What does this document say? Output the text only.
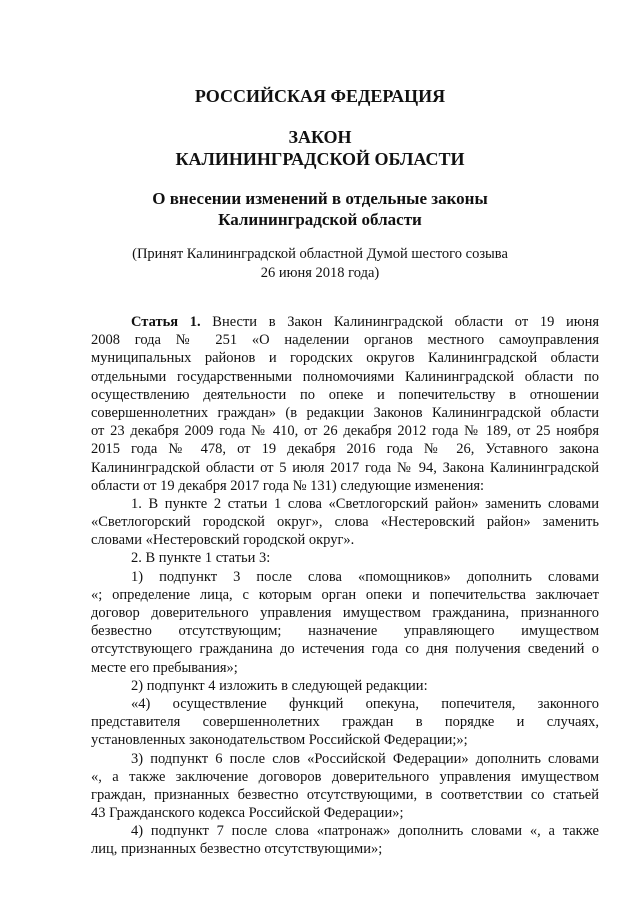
РОССИЙСКАЯ ФЕДЕРАЦИЯ
ЗАКОН
КАЛИНИНГРАДСКОЙ ОБЛАСТИ
О внесении изменений в отдельные законы
Калининградской области
(Принят Калининградской областной Думой шестого созыва
26 июня 2018 года)
Статья 1. Внести в Закон Калининградской области от 19 июня
2008 года № 251 «О наделении органов местного самоуправления
муниципальных районов и городских округов Калининградской области
отдельными государственными полномочиями Калининградской области по
осуществлению деятельности по опеке и попечительству в отношении
совершеннолетних граждан» (в редакции Законов Калининградской области
от 23 декабря 2009 года № 410, от 26 декабря 2012 года № 189, от 25 ноября
2015 года № 478, от 19 декабря 2016 года № 26, Уставного закона
Калининградской области от 5 июля 2017 года № 94, Закона Калининградской
области от 19 декабря 2017 года № 131) следующие изменения:
1. В пункте 2 статьи 1 слова «Светлогорский район» заменить словами
«Светлогорский городской округ», слова «Нестеровский район» заменить
словами «Нестеровский городской округ».
2. В пункте 1 статьи 3:
1) подпункт 3 после слова «помощников» дополнить словами
«; определение лица, с которым орган опеки и попечительства заключает
договор доверительного управления имуществом гражданина, признанного
безвестно отсутствующим; назначение управляющего имуществом
отсутствующего гражданина до истечения года со дня получения сведений о
месте его пребывания»;
2) подпункт 4 изложить в следующей редакции:
«4) осуществление функций опекуна, попечителя, законного
представителя совершеннолетних граждан в порядке и случаях,
установленных законодательством Российской Федерации;»;
3) подпункт 6 после слов «Российской Федерации» дополнить словами
«, а также заключение договоров доверительного управления имуществом
граждан, признанных безвестно отсутствующими, в соответствии со статьей
43 Гражданского кодекса Российской Федерации»;
4) подпункт 7 после слова «патронаж» дополнить словами «, а также
лиц, признанных безвестно отсутствующими»;
